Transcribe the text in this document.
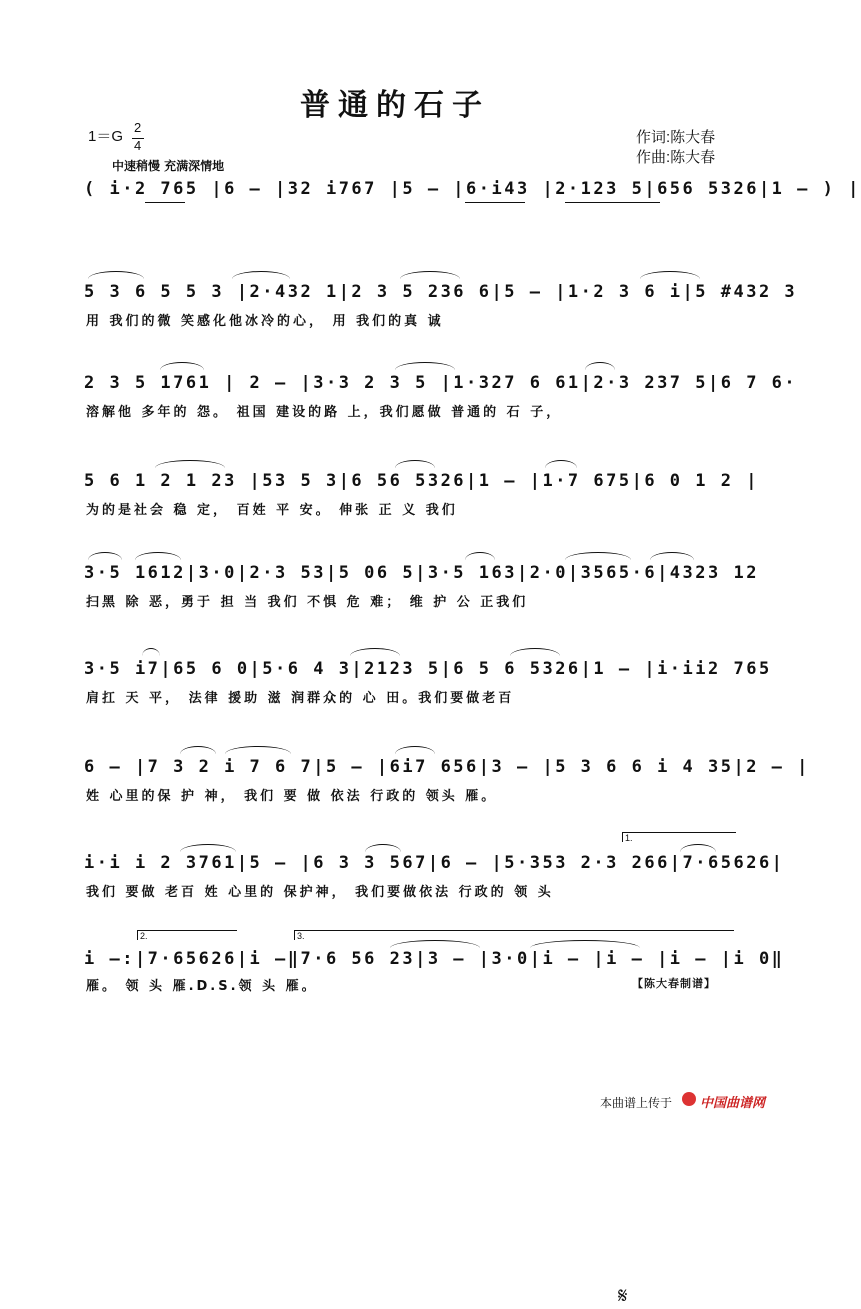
普通的石子
1＝G
2
4
中速稍慢 充满深情地
作词:陈大春
作曲:陈大春
( i·2 765 |6 – |32 i767 |5 – |6·i43 |2·123 5|656 5326|1 – ) |
5 3 6 5 5 3 |2·432 1|2 3 5 236 6|5 – |1·2 3 6 i|5 #432 3
用 我们的微 笑感化他冰冷的心， 用 我们的真 诚
2 3 5 1761 | 2 – |3·3 2 3 5 |1·327 6 61|2·3 237 5|6 7 6·
溶解他 多年的 怨。 祖国 建设的路 上，我们愿做 普通的 石 子，
5 6 1 2 1 23 |53 5 3|6 56 5326|1 – |1·7 675|6 0 1 2 |
为的是社会 稳 定， 百姓 平 安。 伸张 正 义 我们
3·5 1612|3·0|2·3 53|5 06 5|3·5 163|2·0|3565·6|4323 12
扫黑 除 恶，勇于 担 当 我们 不惧 危 难； 维 护 公 正我们
𝄋
3·5 i7|65 6 0|5·6 4 3|2123 5|6 5 6 5326|1 – |i·ii2 765
肩扛 天 平， 法律 援助 滋 润群众的 心 田。我们要做老百
6 – |7 3 2 i 7 6 7|5 – |6i7 656|3 – |5 3 6 6 i 4 35|2 – |
姓 心里的保 护 神， 我们 要 做 依法 行政的 领头 雁。
1.
i·i i 2 3761|5 – |6 3 3 567|6 – |5·353 2·3 266|7·65626|
我们 要做 老百 姓 心里的 保护神， 我们要做依法 行政的 领 头
2.	3.
i –:|7·65626|i –‖7·6 56 23|3 – |3·0|i – |i – |i – |i 0‖
雁。 领 头 雁.D.S.领 头 雁。	【陈大春制谱】
本曲谱上传于 中国曲谱网
